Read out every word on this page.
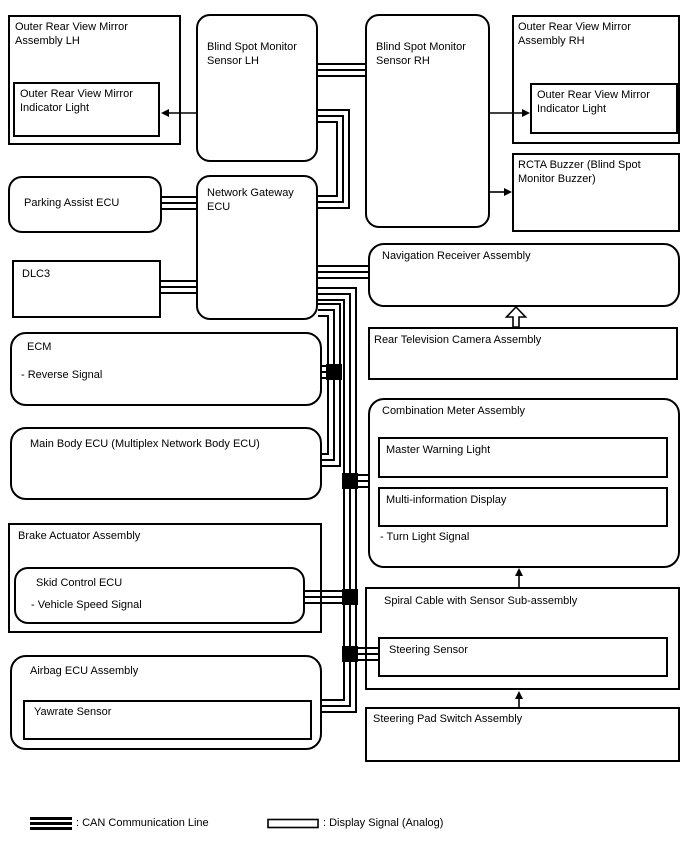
Outer Rear View Mirror Assembly LH
Outer Rear View Mirror Indicator Light
Parking Assist ECU
DLC3
ECM
- Reverse Signal
Main Body ECU (Multiplex Network Body ECU)
Brake Actuator Assembly
Skid Control ECU
- Vehicle Speed Signal
Airbag ECU Assembly
Yawrate Sensor
Blind Spot Monitor Sensor LH
Network Gateway ECU
Blind Spot Monitor Sensor RH
Outer Rear View Mirror Assembly RH
Outer Rear View Mirror Indicator Light
RCTA Buzzer (Blind Spot Monitor Buzzer)
Navigation Receiver Assembly
Rear Television Camera Assembly
Combination Meter Assembly
- Turn Light Signal
Master Warning Light
Multi-information Display
Spiral Cable with Sensor Sub-assembly
Steering Sensor
Steering Pad Switch Assembly
: CAN Communication Line	: Display Signal (Analog)
